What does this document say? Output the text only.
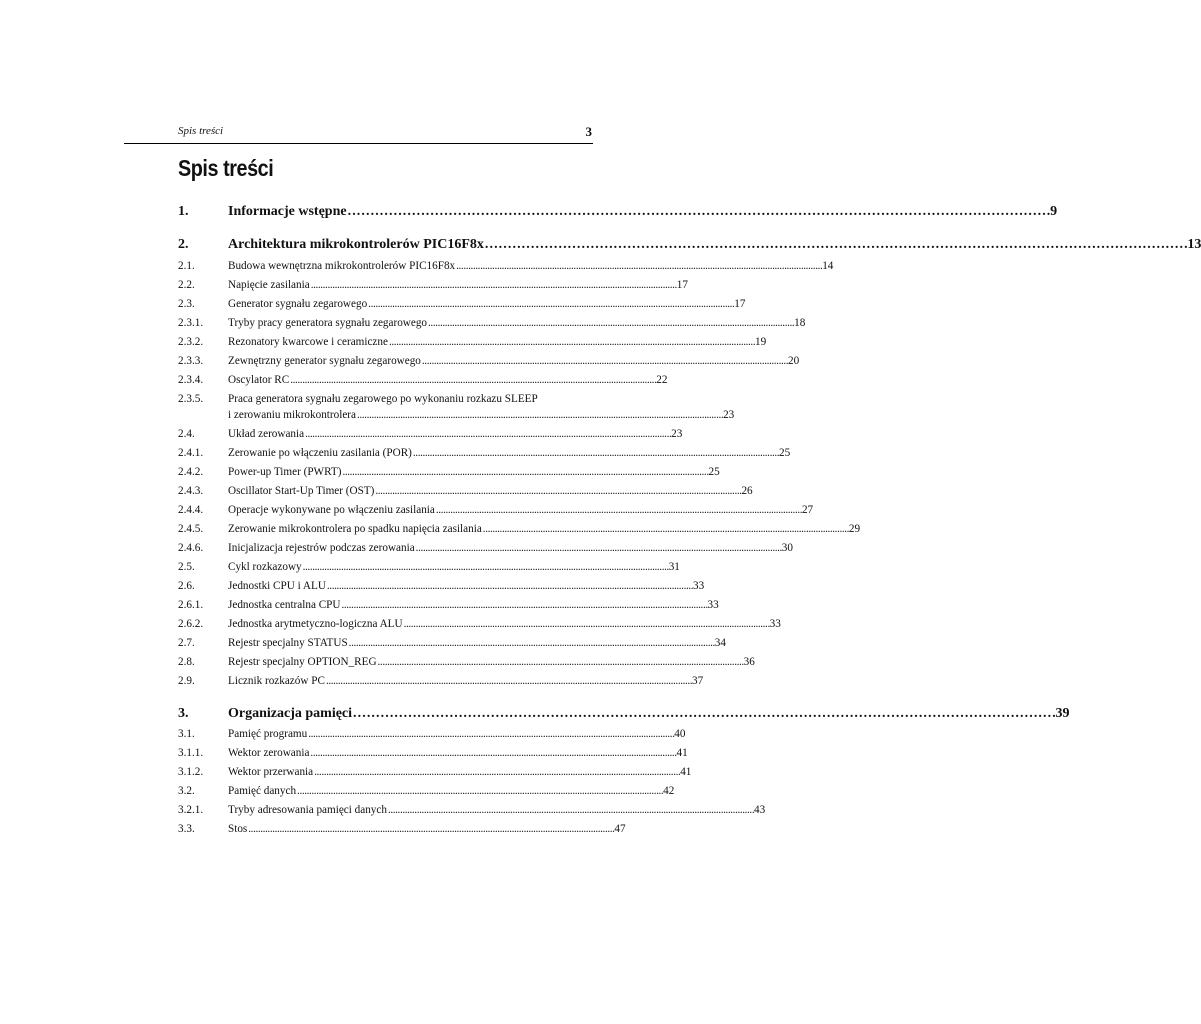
Spis treści	3
Spis treści
1.	Informacje wstępne . . .	9
2.	Architektura mikrokontrolerów PIC16F8x . . .	13
2.1.	Budowa wewnętrzna mikrokontrolerów PIC16F8x . . .	14
2.2.	Napięcie zasilania . . .	17
2.3.	Generator sygnału zegarowego . . .	17
2.3.1.	Tryby pracy generatora sygnału zegarowego . . .	18
2.3.2.	Rezonatory kwarcowe i ceramiczne . . .	19
2.3.3.	Zewnętrzny generator sygnału zegarowego . . .	20
2.3.4.	Oscylator RC . . .	22
2.3.5.	Praca generatora sygnału zegarowego po wykonaniu rozkazu SLEEP
i zerowaniu mikrokontrolera . . .	23
2.4.	Układ zerowania . . .	23
2.4.1.	Zerowanie po włączeniu zasilania (POR) . . .	25
2.4.2.	Power-up Timer (PWRT) . . .	25
2.4.3.	Oscillator Start-Up Timer (OST) . . .	26
2.4.4.	Operacje wykonywane po włączeniu zasilania . . .	27
2.4.5.	Zerowanie mikrokontrolera po spadku napięcia zasilania . . .	29
2.4.6.	Inicjalizacja rejestrów podczas zerowania . . .	30
2.5.	Cykl rozkazowy . . .	31
2.6.	Jednostki CPU i ALU . . .	33
2.6.1.	Jednostka centralna CPU . . .	33
2.6.2.	Jednostka arytmetyczno-logiczna ALU . . .	33
2.7.	Rejestr specjalny STATUS . . .	34
2.8.	Rejestr specjalny OPTION_REG . . .	36
2.9.	Licznik rozkazów PC . . .	37
3.	Organizacja pamięci . . .	39
3.1.	Pamięć programu . . .	40
3.1.1.	Wektor zerowania . . .	41
3.1.2.	Wektor przerwania . . .	41
3.2.	Pamięć danych . . .	42
3.2.1.	Tryby adresowania pamięci danych . . .	43
3.3.	Stos . . .	47
